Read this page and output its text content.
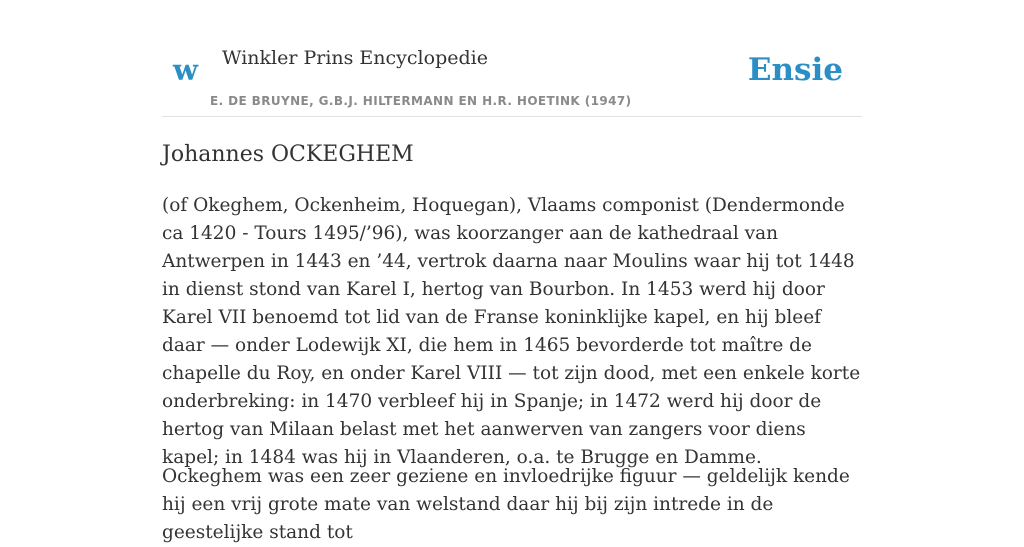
w Winkler Prins Encyclopedie
E. DE BRUYNE, G.B.J. HILTERMANN EN H.R. HOETINK (1947)
Ensie
Johannes OCKEGHEM

(of Okeghem, Ockenheim, Hoquegan), Vlaams componist (Dendermonde ca 1420 - Tours 1495/’96), was koorzanger aan de kathedraal van Antwerpen in 1443 en ’44, vertrok daarna naar Moulins waar hij tot 1448 in dienst stond van Karel I, hertog van Bourbon. In 1453 werd hij door Karel VII benoemd tot lid van de Franse koninklijke kapel, en hij bleef daar — onder Lodewijk XI, die hem in 1465 bevorderde tot maître de chapelle du Roy, en onder Karel VIII — tot zijn dood, met een enkele korte onderbreking: in 1470 verbleef hij in Spanje; in 1472 werd hij door de hertog van Milaan belast met het aanwerven van zangers voor diens kapel; in 1484 was hij in Vlaanderen, o.a. te Brugge en Damme.

Ockeghem was een zeer geziene en invloedrijke figuur — geldelijk kende hij een vrij grote mate van welstand daar hij bij zijn intrede in de geestelijke stand tot
